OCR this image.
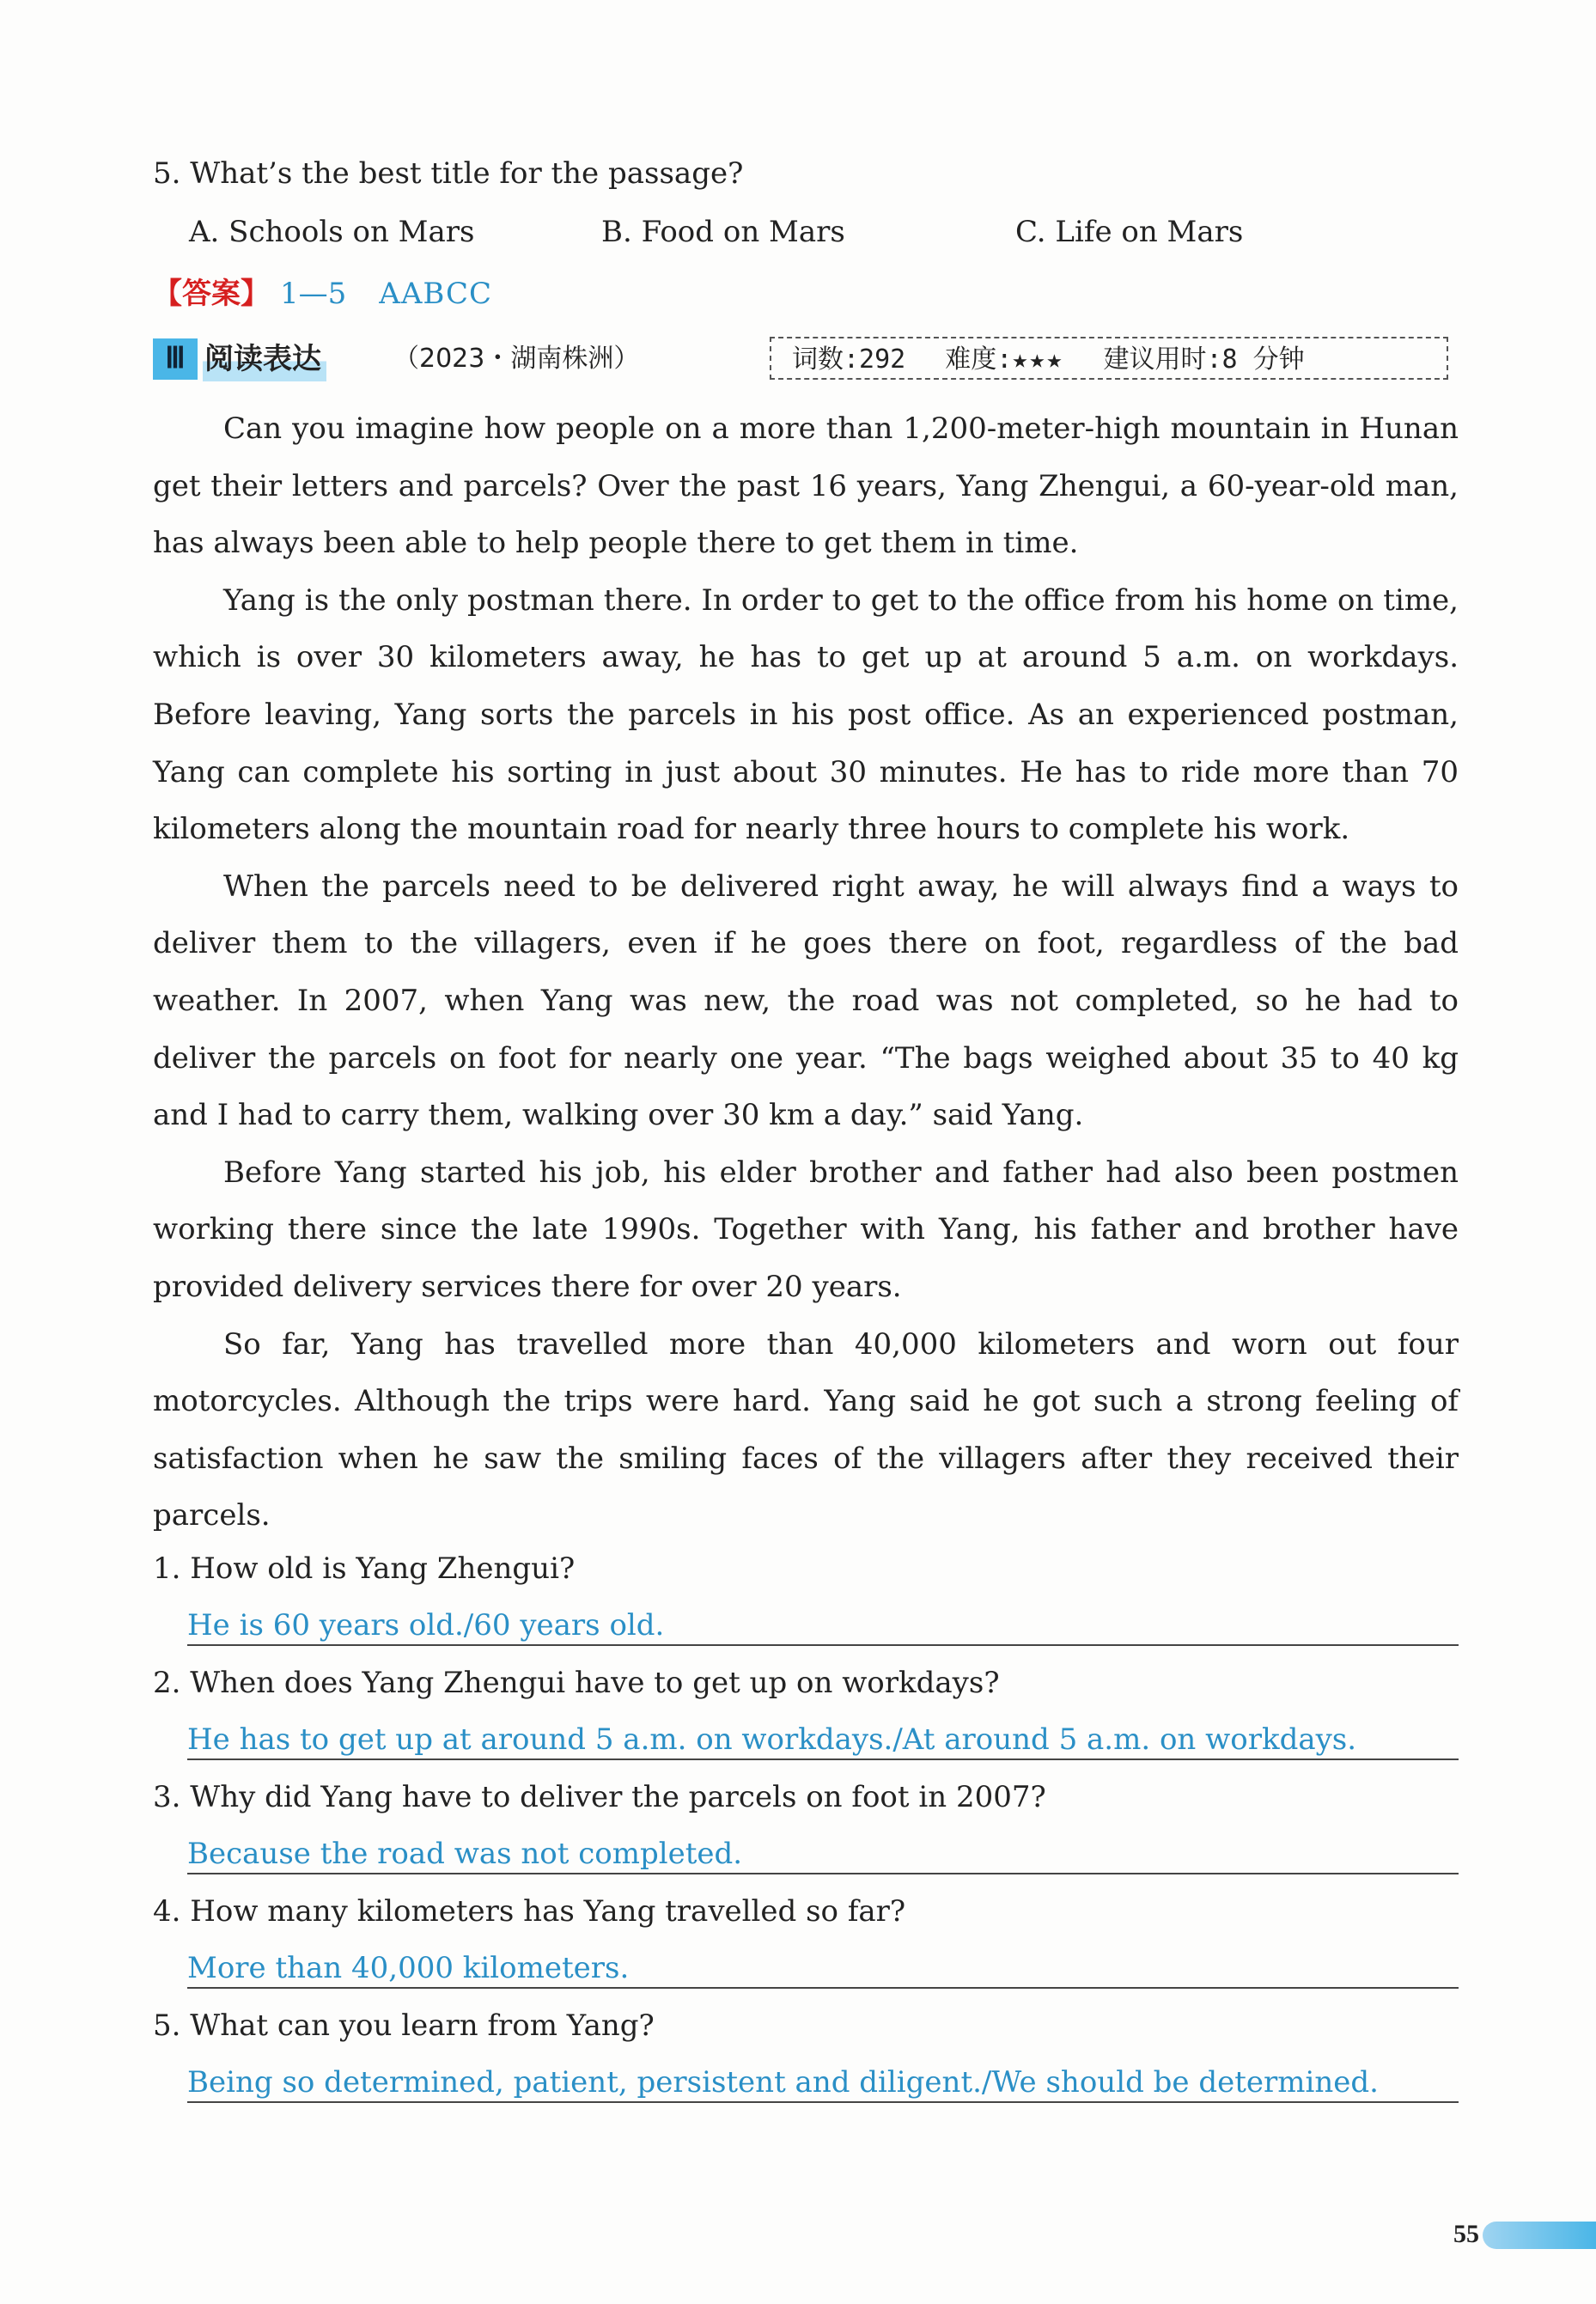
5. What’s the best title for the passage?
A. Schools on Mars	B. Food on Mars	C. Life on Mars
【答案】 1—5 AABCC
Ⅲ 阅读表达	（2023・湖南株洲）	词数:292 难度:★★★ 建议用时:8 分钟

Can you imagine how people on a more than 1,200-meter-high mountain in Hunan get their letters and parcels? Over the past 16 years, Yang Zhengui, a 60-year-old man, has always been able to help people there to get them in time.

Yang is the only postman there. In order to get to the office from his home on time, which is over 30 kilometers away, he has to get up at around 5 a.m. on workdays. Before leaving, Yang sorts the parcels in his post office. As an experienced postman, Yang can complete his sorting in just about 30 minutes. He has to ride more than 70 kilometers along the mountain road for nearly three hours to complete his work.

When the parcels need to be delivered right away, he will always find a ways to deliver them to the villagers, even if he goes there on foot, regardless of the bad weather. In 2007, when Yang was new, the road was not completed, so he had to deliver the parcels on foot for nearly one year. “The bags weighed about 35 to 40 kg and I had to carry them, walking over 30 km a day.” said Yang.

Before Yang started his job, his elder brother and father had also been postmen working there since the late 1990s. Together with Yang, his father and brother have provided delivery services there for over 20 years.

So far, Yang has travelled more than 40,000 kilometers and worn out four motorcycles. Although the trips were hard. Yang said he got such a strong feeling of satisfaction when he saw the smiling faces of the villagers after they received their parcels.

1. How old is Yang Zhengui?
He is 60 years old./60 years old.
2. When does Yang Zhengui have to get up on workdays?
He has to get up at around 5 a.m. on workdays./At around 5 a.m. on workdays.
3. Why did Yang have to deliver the parcels on foot in 2007?
Because the road was not completed.
4. How many kilometers has Yang travelled so far?
More than 40,000 kilometers.
5. What can you learn from Yang?
Being so determined, patient, persistent and diligent./We should be determined.
55
